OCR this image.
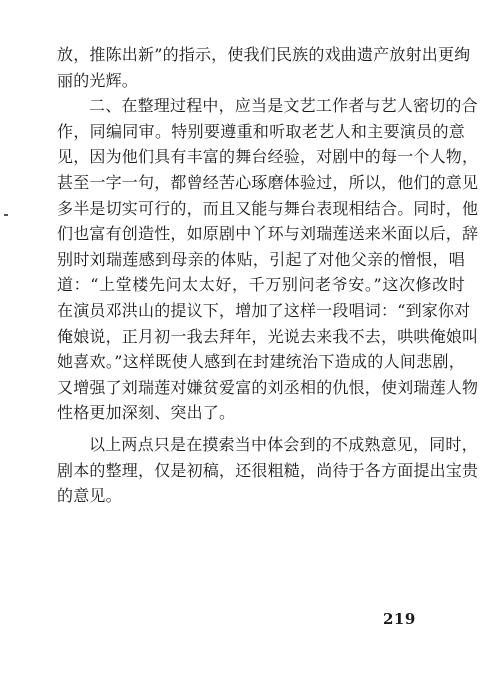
放，推陈出新”的指示，使我们民族的戏曲遗产放射出更绚
丽的光辉。
二、在整理过程中，应当是文艺工作者与艺人密切的合
作，同编同审。特别要遵重和听取老艺人和主要演员的意
见，因为他们具有丰富的舞台经验，对剧中的每一个人物，
甚至一字一句，都曾经苦心琢磨体验过，所以，他们的意见
多半是切实可行的，而且又能与舞台表现相结合。同时，他
们也富有创造性，如原剧中丫环与刘瑞莲送来米面以后，辞
别时刘瑞莲感到母亲的体贴，引起了对他父亲的憎恨，唱
道：“上堂楼先问太太好，千万别问老爷安。”这次修改时
在演员邓洪山的提议下，增加了这样一段唱词：“到家你对
俺娘说，正月初一我去拜年，光说去来我不去，哄哄俺娘叫
她喜欢。”这样既使人感到在封建统治下造成的人间悲剧，
又增强了刘瑞莲对嫌贫爱富的刘丞相的仇恨，使刘瑞莲人物
性格更加深刻、突出了。
以上两点只是在摸索当中体会到的不成熟意见，同时，
剧本的整理，仅是初稿，还很粗糙，尚待于各方面提出宝贵
的意见。
219
